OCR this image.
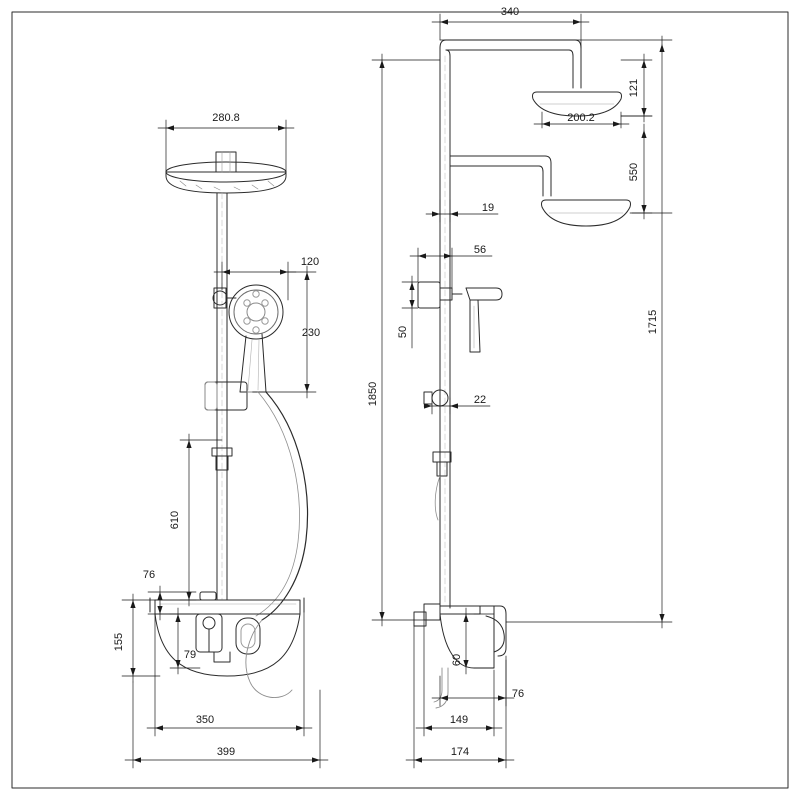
280.8
120
230
610
76
155
79
350
399
340
121
200.2
550
19
56
50
22
1850
1715
60
76
149
174
